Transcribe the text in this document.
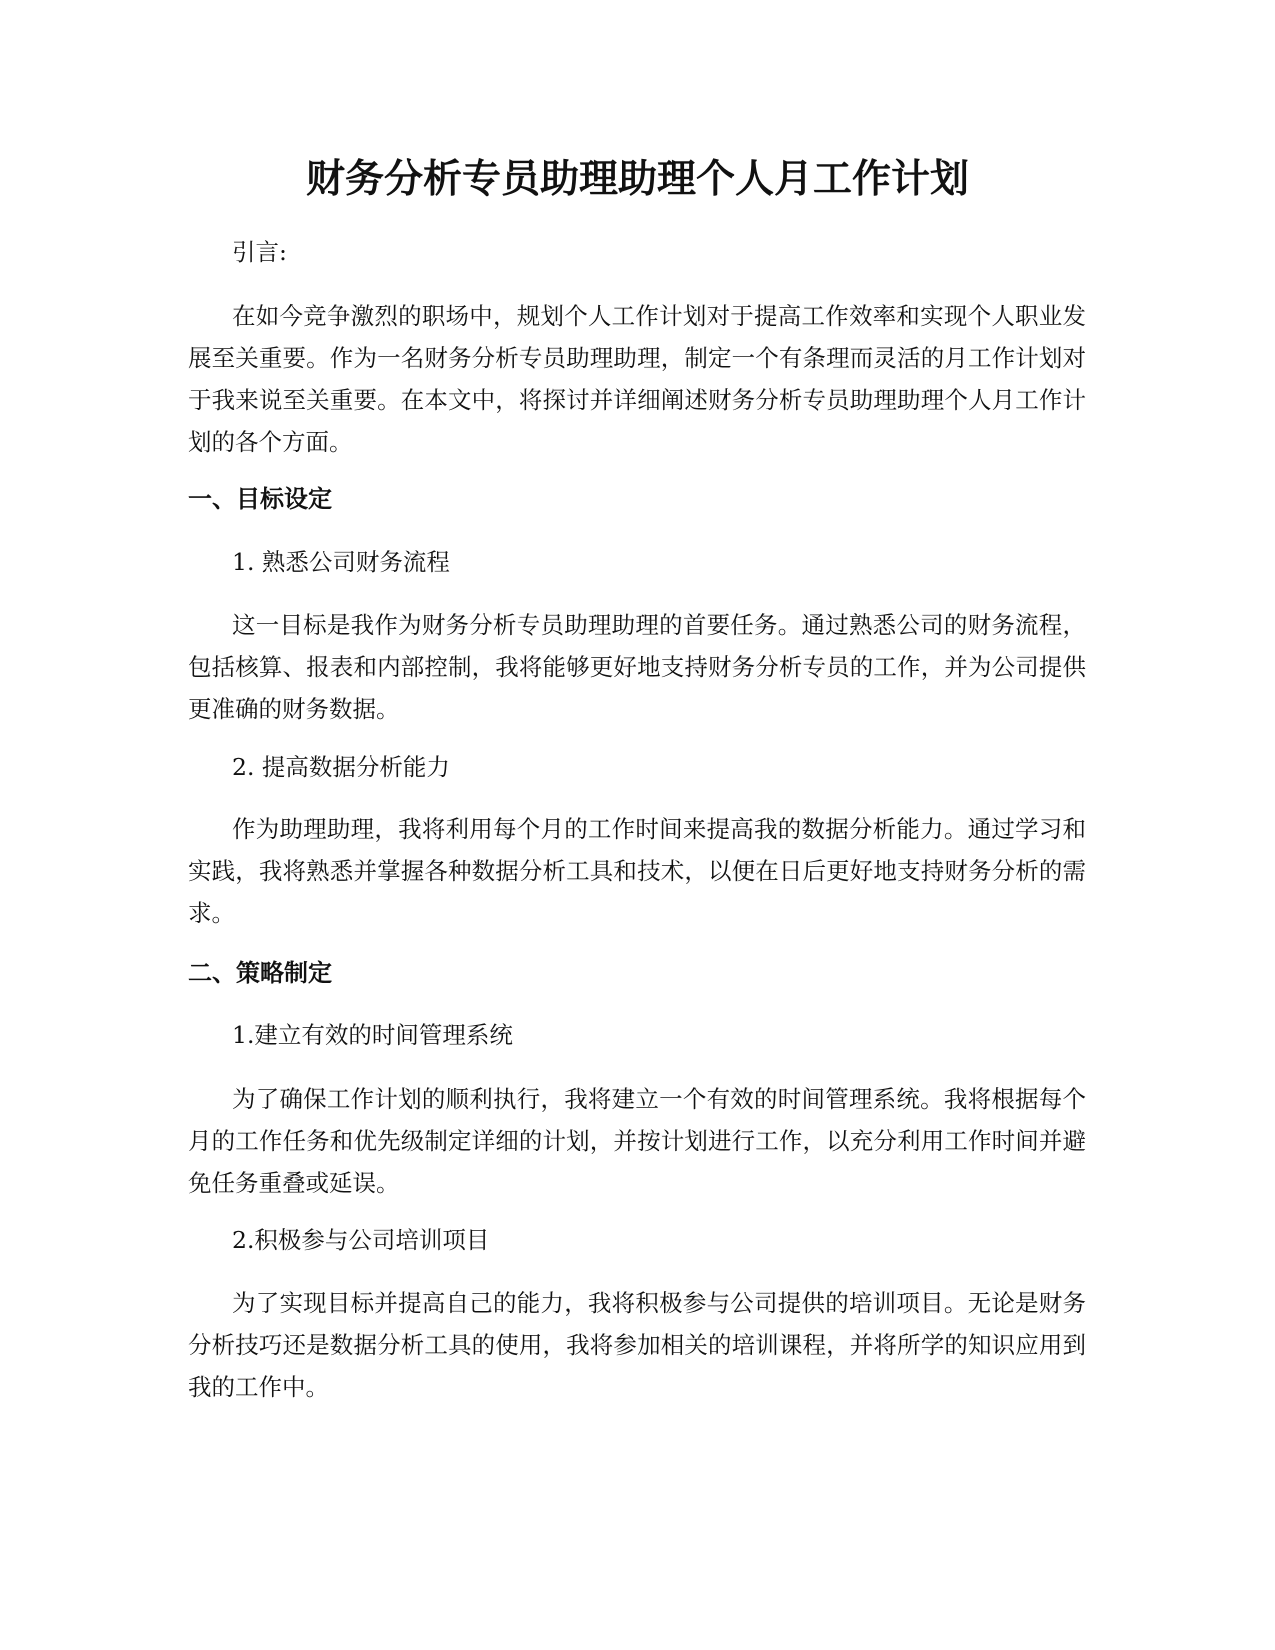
财务分析专员助理助理个人月工作计划

引言:

在如今竞争激烈的职场中，规划个人工作计划对于提高工作效率和实现个人职业发展至关重要。作为一名财务分析专员助理助理，制定一个有条理而灵活的月工作计划对于我来说至关重要。在本文中，将探讨并详细阐述财务分析专员助理助理个人月工作计划的各个方面。

一、目标设定

1. 熟悉公司财务流程

这一目标是我作为财务分析专员助理助理的首要任务。通过熟悉公司的财务流程，包括核算、报表和内部控制，我将能够更好地支持财务分析专员的工作，并为公司提供更准确的财务数据。

2. 提高数据分析能力

作为助理助理，我将利用每个月的工作时间来提高我的数据分析能力。通过学习和实践，我将熟悉并掌握各种数据分析工具和技术，以便在日后更好地支持财务分析的需求。

二、策略制定

1.建立有效的时间管理系统

为了确保工作计划的顺利执行，我将建立一个有效的时间管理系统。我将根据每个月的工作任务和优先级制定详细的计划，并按计划进行工作，以充分利用工作时间并避免任务重叠或延误。

2.积极参与公司培训项目

为了实现目标并提高自己的能力，我将积极参与公司提供的培训项目。无论是财务分析技巧还是数据分析工具的使用，我将参加相关的培训课程，并将所学的知识应用到我的工作中。
